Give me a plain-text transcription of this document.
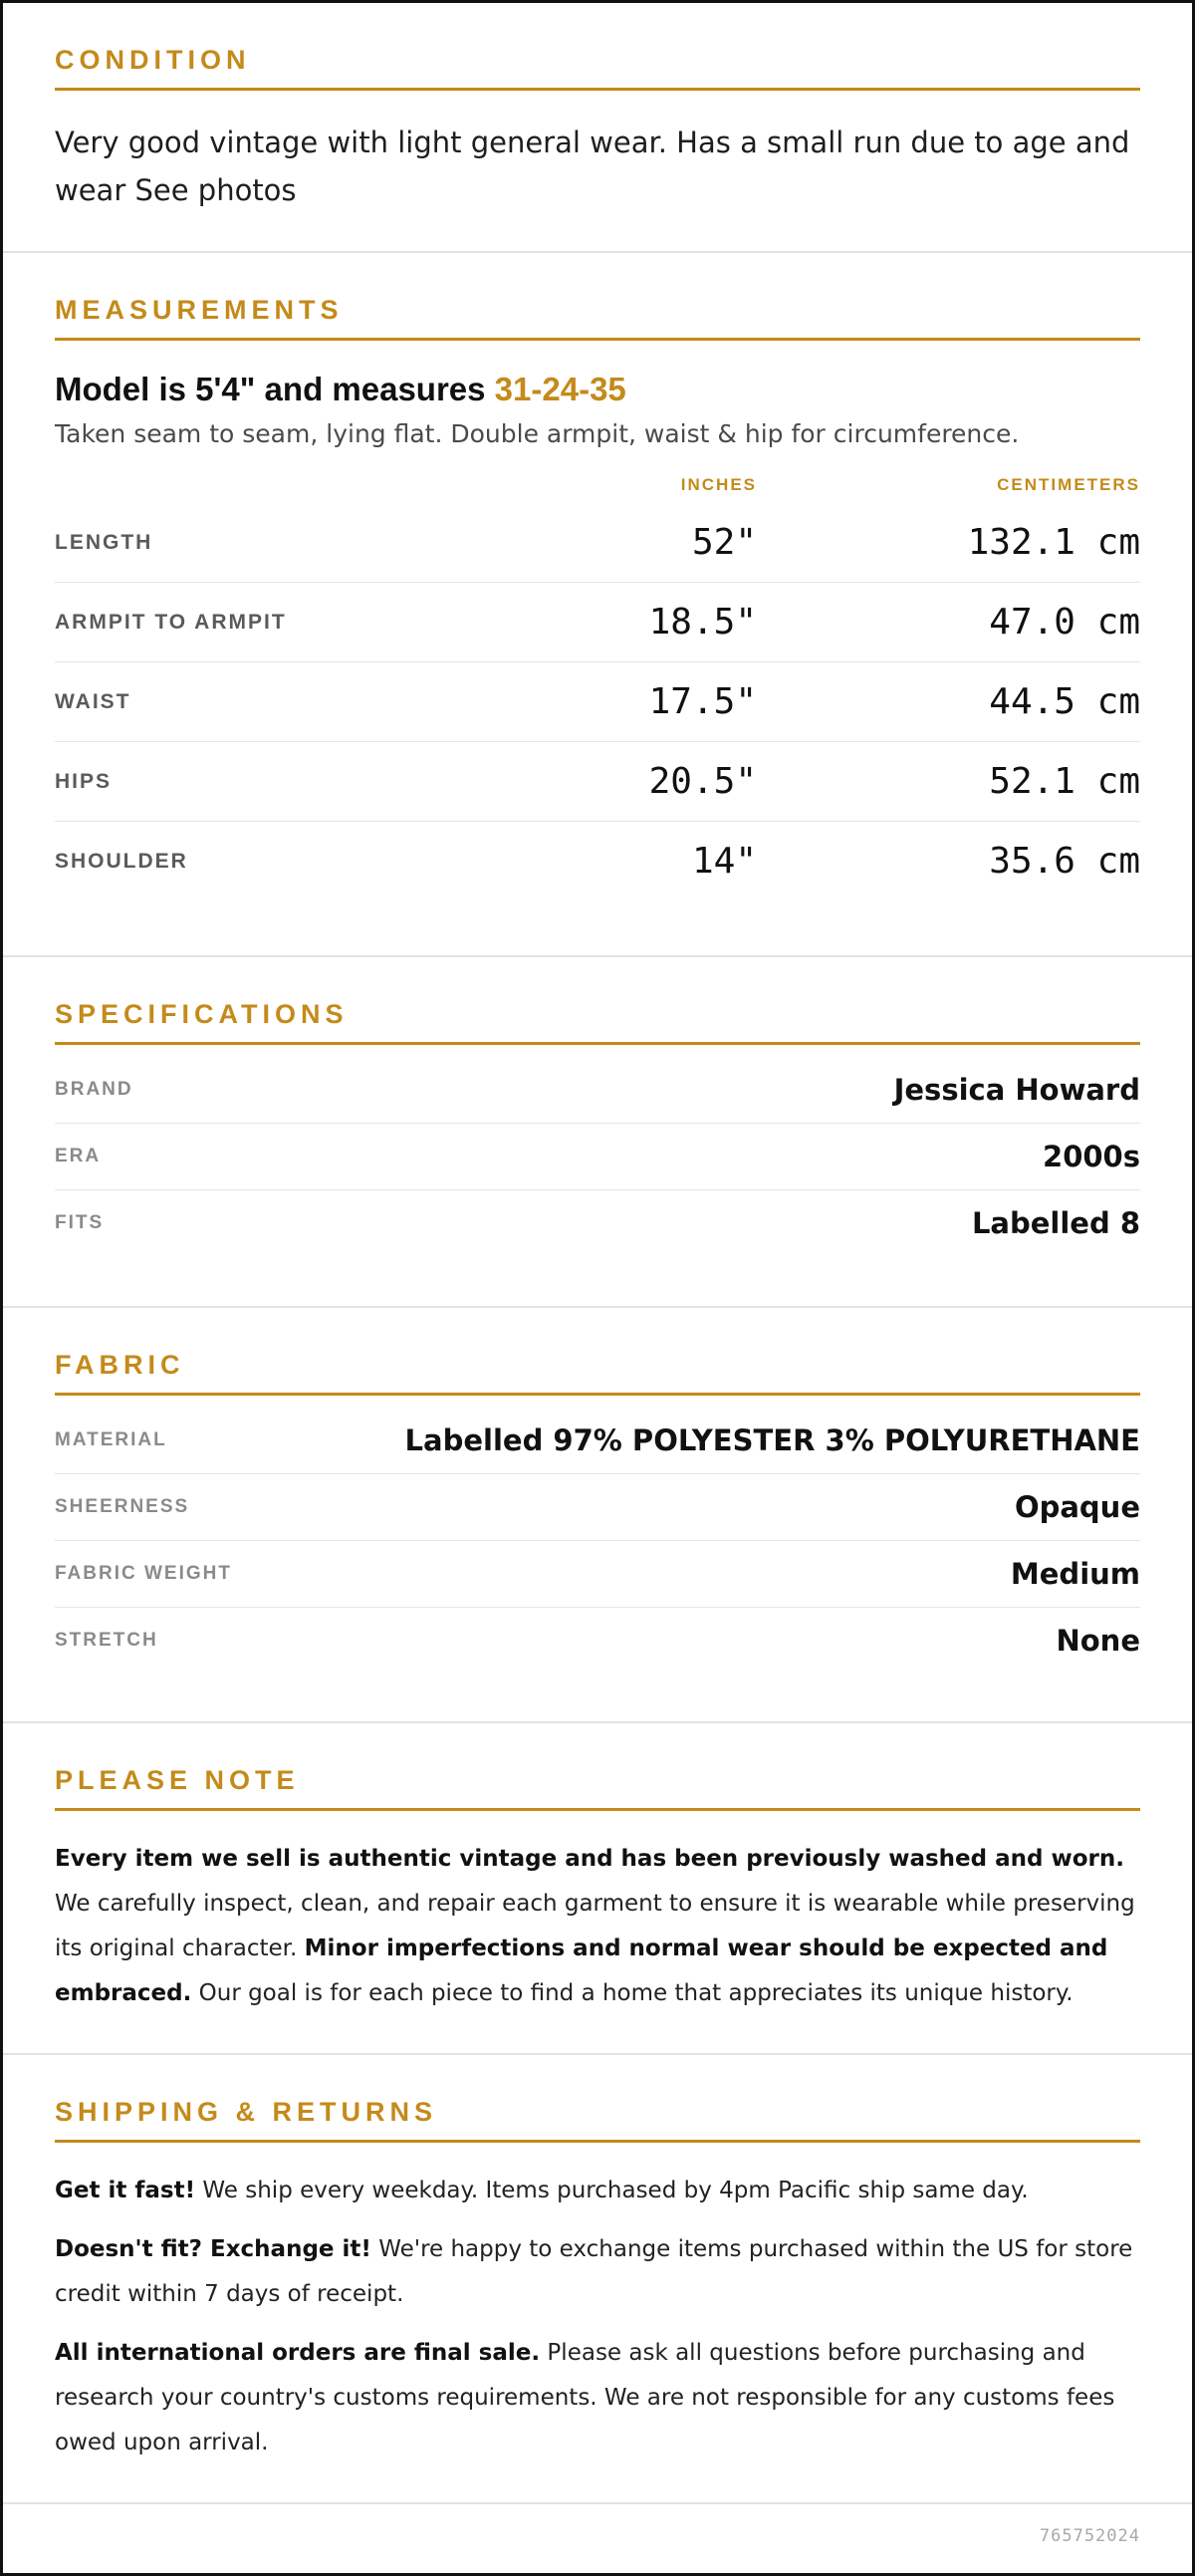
CONDITION
Very good vintage with light general wear. Has a small run due to age and wear See photos
MEASUREMENTS
Model is 5'4" and measures 31-24-35
Taken seam to seam, lying flat. Double armpit, waist & hip for circumference.
INCHES	CENTIMETERS
LENGTH	52"	132.1 cm
ARMPIT TO ARMPIT	18.5"	47.0 cm
WAIST	17.5"	44.5 cm
HIPS	20.5"	52.1 cm
SHOULDER	14"	35.6 cm
SPECIFICATIONS
BRAND	Jessica Howard
ERA	2000s
FITS	Labelled 8
FABRIC
MATERIAL	Labelled 97% POLYESTER 3% POLYURETHANE
SHEERNESS	Opaque
FABRIC WEIGHT	Medium
STRETCH	None
PLEASE NOTE
Every item we sell is authentic vintage and has been previously washed and worn. We carefully inspect, clean, and repair each garment to ensure it is wearable while preserving its original character. Minor imperfections and normal wear should be expected and embraced. Our goal is for each piece to find a home that appreciates its unique history.
SHIPPING & RETURNS

Get it fast! We ship every weekday. Items purchased by 4pm Pacific ship same day.

Doesn't fit? Exchange it! We're happy to exchange items purchased within the US for store credit within 7 days of receipt.

All international orders are final sale. Please ask all questions before purchasing and research your country's customs requirements. We are not responsible for any customs fees owed upon arrival.

765752024
